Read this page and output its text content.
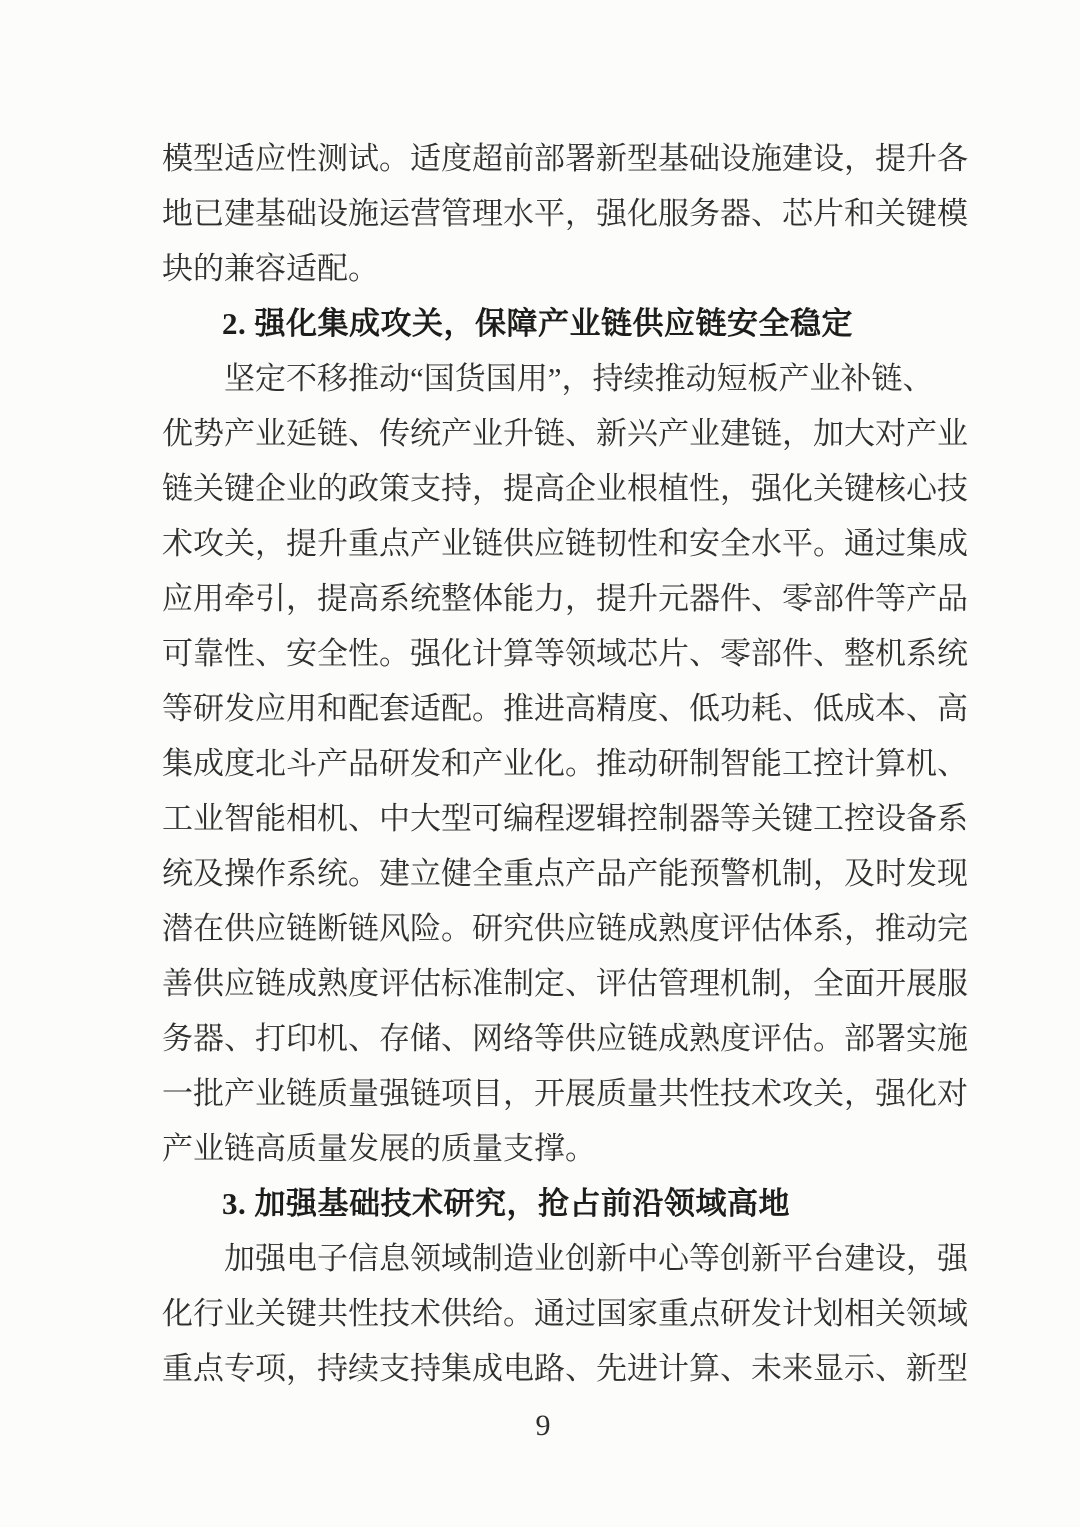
模型适应性测试。适度超前部署新型基础设施建设，提升各
地已建基础设施运营管理水平，强化服务器、芯片和关键模
块的兼容适配。
2. 强化集成攻关，保障产业链供应链安全稳定
坚定不移推动“国货国用”，持续推动短板产业补链、
优势产业延链、传统产业升链、新兴产业建链，加大对产业
链关键企业的政策支持，提高企业根植性，强化关键核心技
术攻关，提升重点产业链供应链韧性和安全水平。通过集成
应用牵引，提高系统整体能力，提升元器件、零部件等产品
可靠性、安全性。强化计算等领域芯片、零部件、整机系统
等研发应用和配套适配。推进高精度、低功耗、低成本、高
集成度北斗产品研发和产业化。推动研制智能工控计算机、
工业智能相机、中大型可编程逻辑控制器等关键工控设备系
统及操作系统。建立健全重点产品产能预警机制，及时发现
潜在供应链断链风险。研究供应链成熟度评估体系，推动完
善供应链成熟度评估标准制定、评估管理机制，全面开展服
务器、打印机、存储、网络等供应链成熟度评估。部署实施
一批产业链质量强链项目，开展质量共性技术攻关，强化对
产业链高质量发展的质量支撑。
3. 加强基础技术研究，抢占前沿领域高地
加强电子信息领域制造业创新中心等创新平台建设，强
化行业关键共性技术供给。通过国家重点研发计划相关领域
重点专项，持续支持集成电路、先进计算、未来显示、新型
9
